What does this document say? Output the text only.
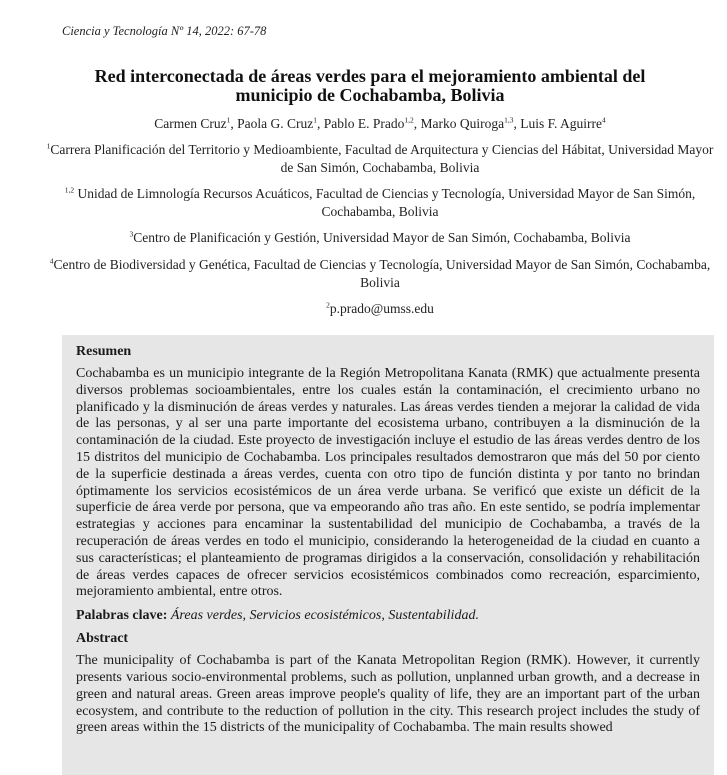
Ciencia y Tecnología Nº 14, 2022: 67-78
Red interconectada de áreas verdes para el mejoramiento ambiental del municipio de Cochabamba, Bolivia
Carmen Cruz$^1$, Paola G. Cruz$^1$, Pablo E. Prado$^{1,2}$, Marko Quiroga$^{1,3}$, Luis F. Aguirre$^4$
$^1$Carrera Planificación del Territorio y Medioambiente, Facultad de Arquitectura y Ciencias del Hábitat, Universidad Mayor de San Simón, Cochabamba, Bolivia
$^{1,2}$ Unidad de Limnología Recursos Acuáticos, Facultad de Ciencias y Tecnología, Universidad Mayor de San Simón, Cochabamba, Bolivia
$^3$Centro de Planificación y Gestión, Universidad Mayor de San Simón, Cochabamba, Bolivia
$^4$Centro de Biodiversidad y Genética, Facultad de Ciencias y Tecnología, Universidad Mayor de San Simón, Cochabamba, Bolivia
$^2$p.prado@umss.edu
Resumen

Cochabamba es un municipio integrante de la Región Metropolitana Kanata (RMK) que actualmente presenta diversos problemas socioambientales, entre los cuales están la contaminación, el crecimiento urbano no planificado y la disminución de áreas verdes y naturales. Las áreas verdes tienden a mejorar la calidad de vida de las personas, y al ser una parte importante del ecosistema urbano, contribuyen a la disminución de la contaminación de la ciudad. Este proyecto de investigación incluye el estudio de las áreas verdes dentro de los 15 distritos del municipio de Cochabamba. Los principales resultados demostraron que más del 50 por ciento de la superficie destinada a áreas verdes, cuenta con otro tipo de función distinta y por tanto no brindan óptimamente los servicios ecosistémicos de un área verde urbana. Se verificó que existe un déficit de la superficie de área verde por persona, que va empeorando año tras año. En este sentido, se podría implementar estrategias y acciones para encaminar la sustentabilidad del municipio de Cochabamba, a través de la recuperación de áreas verdes en todo el municipio, considerando la heterogeneidad de la ciudad en cuanto a sus características; el planteamiento de programas dirigidos a la conservación, consolidación y rehabilitación de áreas verdes capaces de ofrecer servicios ecosistémicos combinados como recreación, esparcimiento, mejoramiento ambiental, entre otros.

Palabras clave: Áreas verdes, Servicios ecosistémicos, Sustentabilidad.
Abstract

The municipality of Cochabamba is part of the Kanata Metropolitan Region (RMK). However, it currently presents various socio-environmental problems, such as pollution, unplanned urban growth, and a decrease in green and natural areas. Green areas improve people's quality of life, they are an important part of the urban ecosystem, and contribute to the reduction of pollution in the city. This research project includes the study of green areas within the 15 districts of the municipality of Cochabamba. The main results showed
